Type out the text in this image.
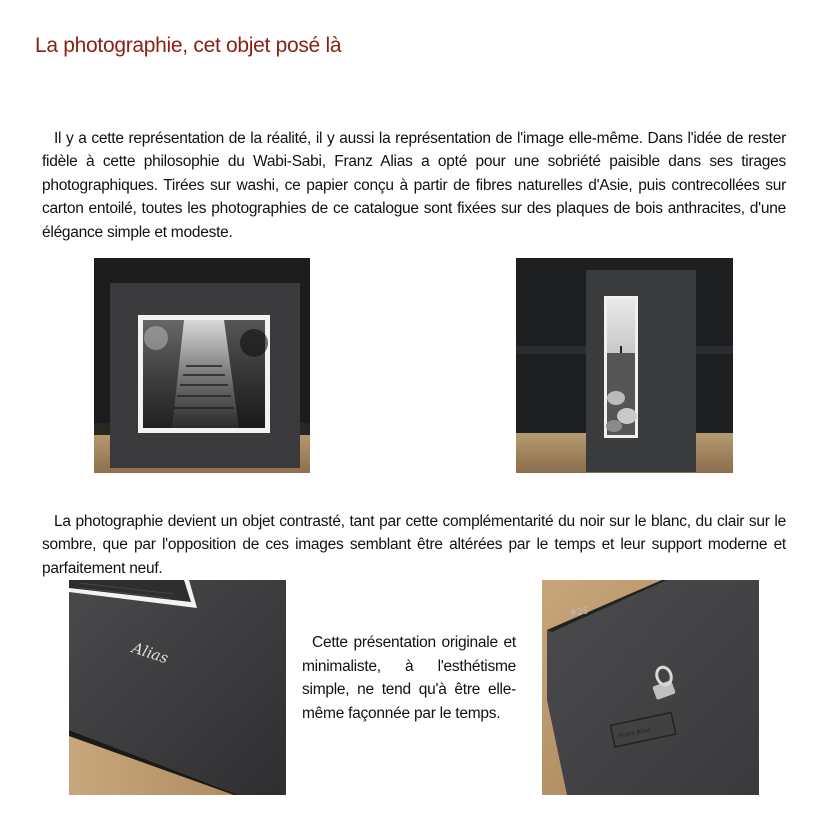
La photographie, cet objet posé là

Il y a cette représentation de la réalité, il y aussi la représentation de l'image elle-même. Dans l'idée de rester fidèle à cette philosophie du Wabi-Sabi, Franz Alias a opté pour une sobriété paisible dans ses tirages photographiques. Tirées sur washi, ce papier conçu à partir de fibres naturelles d'Asie, puis contrecollées sur carton entoilé, toutes les photographies de ce catalogue sont fixées sur des plaques de bois anthracites, d'une élégance simple et modeste.

La photographie devient un objet contrasté, tant par cette complémentarité du noir sur le blanc, du clair sur le sombre, que par l'opposition de ces images semblant être altérées par le temps et leur support moderne et parfaitement neuf.

Alias	Cette présentation originale et minimaliste, à l'esthétisme simple, ne tend qu'à être elle-même façonnée par le temps.
#25
Franz Alias
